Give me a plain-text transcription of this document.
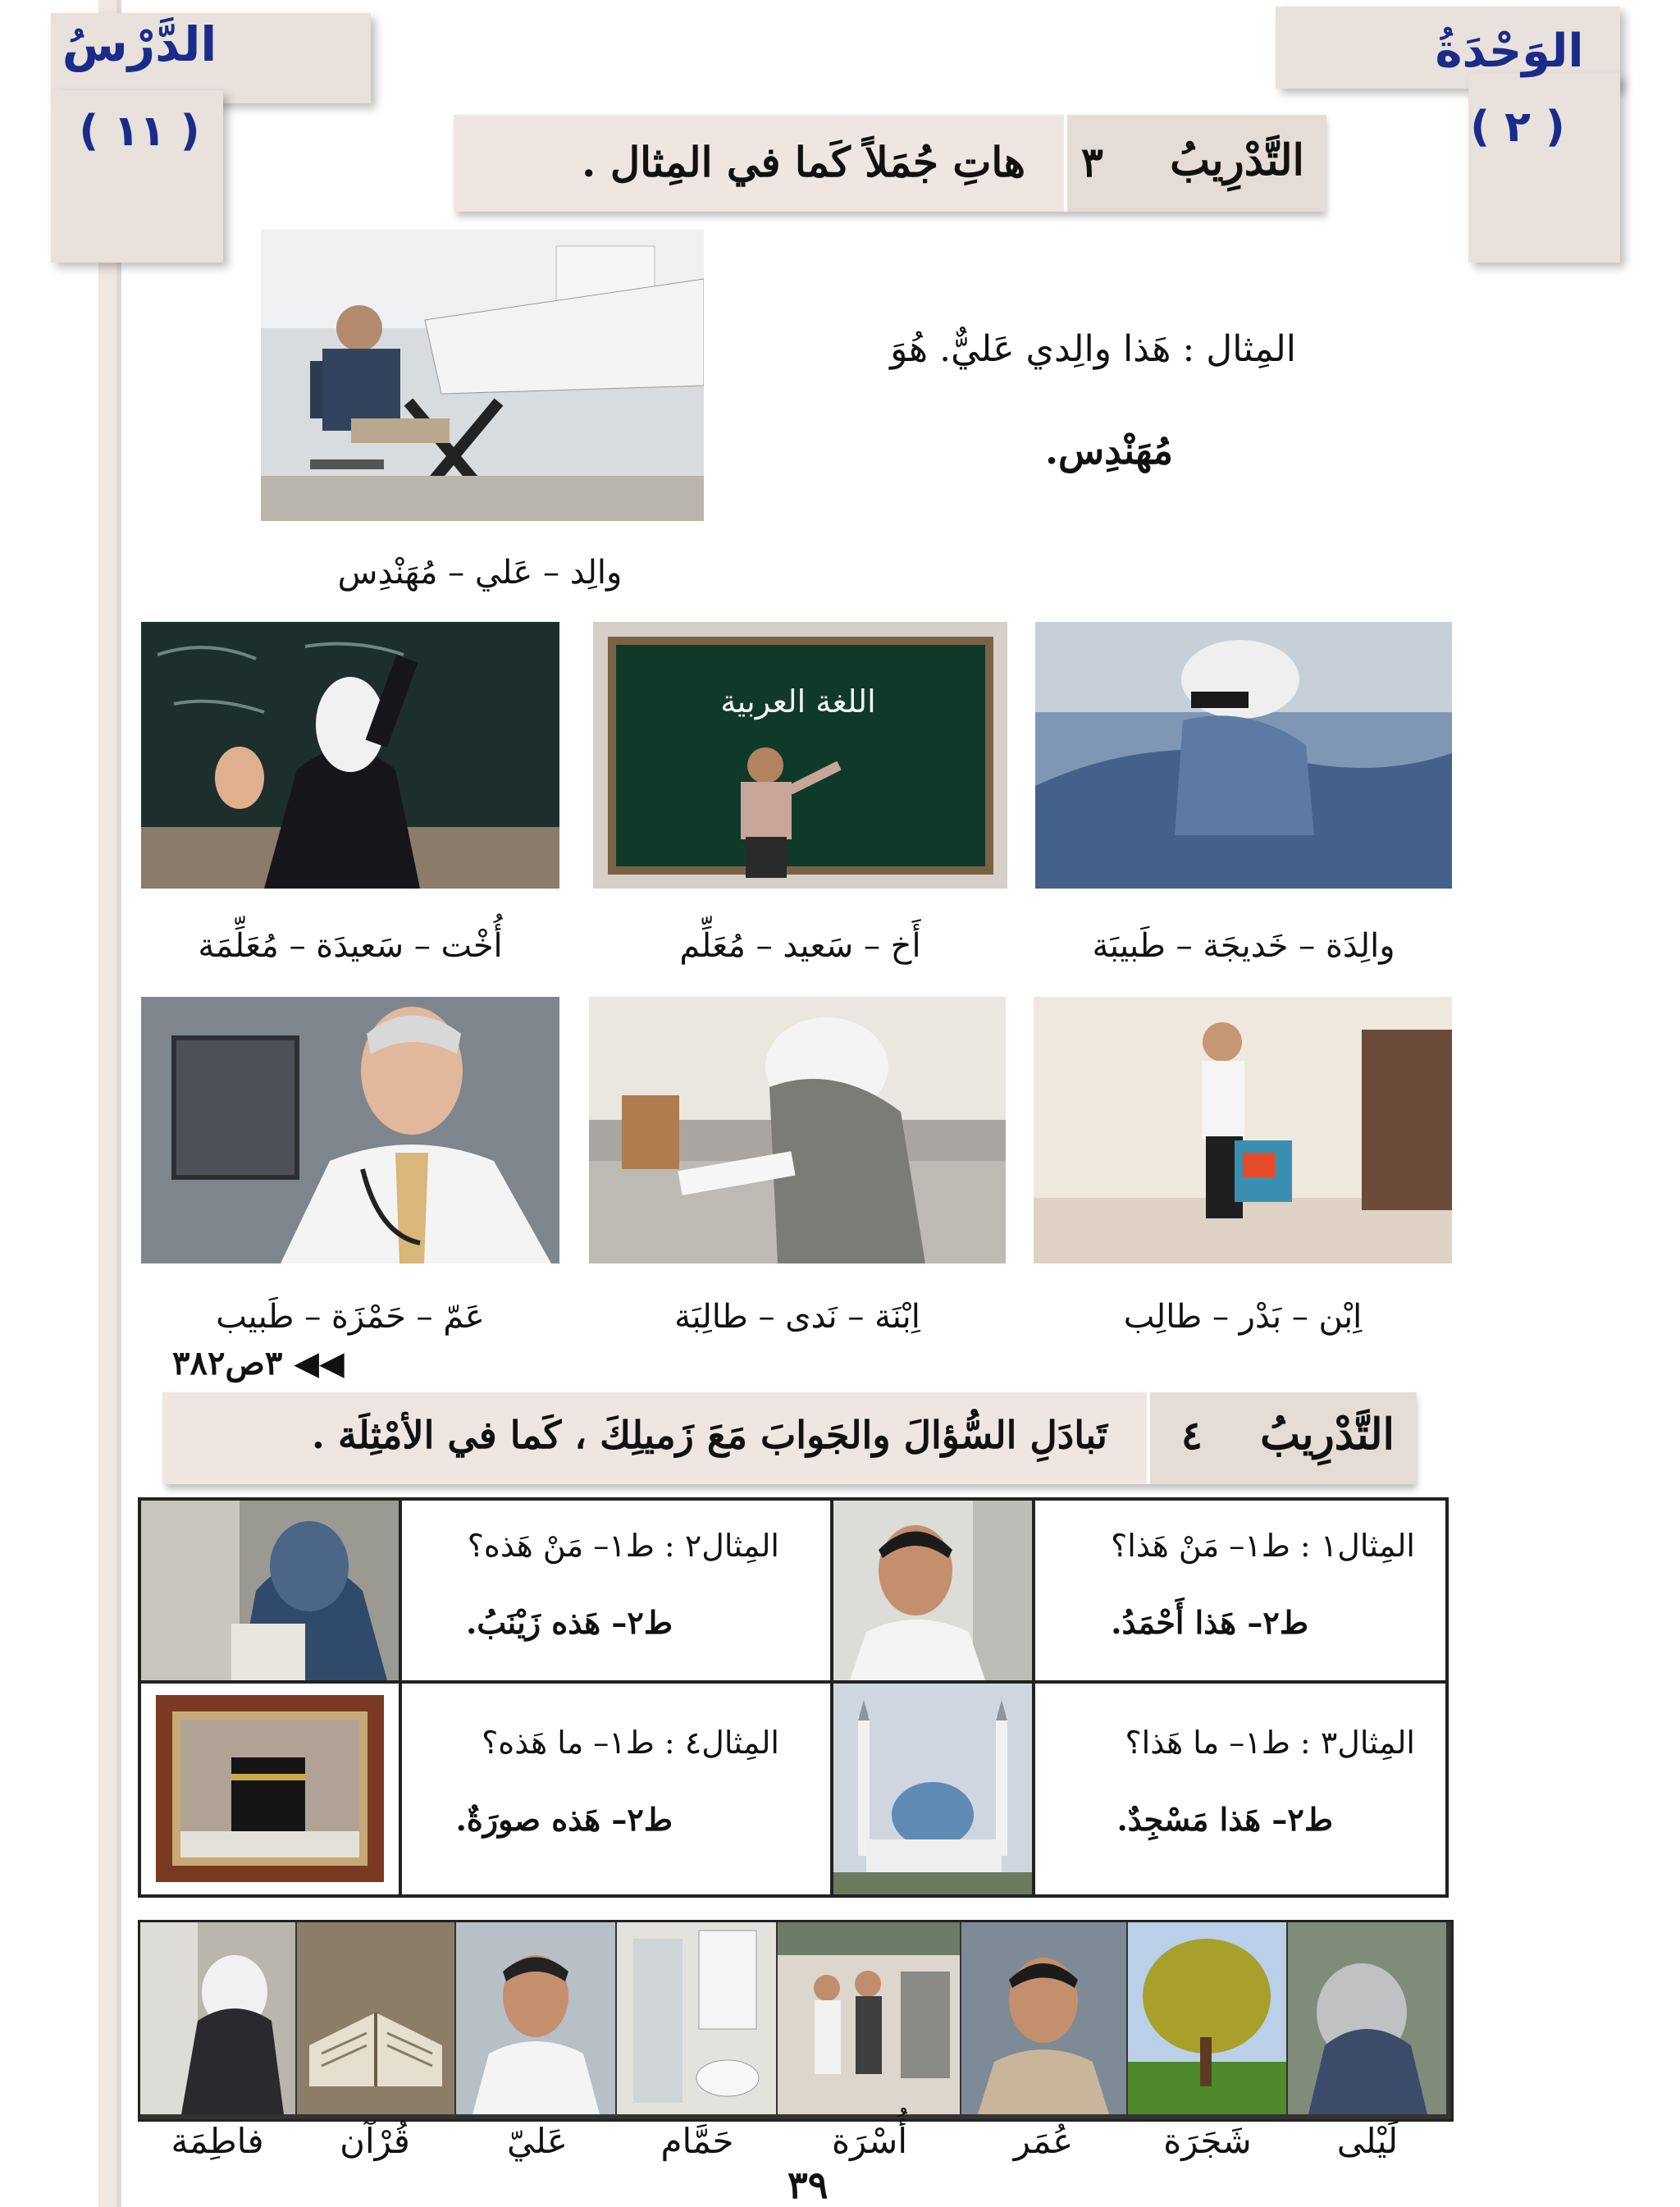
الدَّرْسُ
( ١١ )
الوَحْدَةُ
( ٢ )
التَّدْرِيبُ
٣
هاتِ جُمَلاً كَما في المِثال .
المِثال : هَذا والِدي عَليٌّ. هُوَ
مُهَنْدِس.
والِد – عَلي – مُهَنْدِس
أُخْت – سَعيدَة – مُعَلِّمَة
اللغة العربية
أَخ – سَعيد – مُعَلِّم	والِدَة – خَديجَة – طَبيبَة
عَمّ – حَمْزَة – طَبيب	اِبْنَة – نَدى – طالِبَة	اِبْن – بَدْر – طالِب
٣ص٣٨٢ ◀◀
التَّدْرِيبُ
٤
تَبادَلِ السُّؤالَ والجَوابَ مَعَ زَميلِكَ ، كَما في الأمْثِلَة .
المِثال١ : ط١– مَنْ هَذا؟
ط٢– هَذا أَحْمَدُ.
المِثال٢ : ط١– مَنْ هَذه؟
ط٢– هَذه زَيْنَبُ.
المِثال٣ : ط١– ما هَذا؟
ط٢– هَذا مَسْجِدٌ.
المِثال٤ : ط١– ما هَذه؟
ط٢– هَذه صورَةٌ.
لَيْلى
شَجَرَة
عُمَر
أُسْرَة
حَمَّام
عَليّ
قُرْآن
فاطِمَة
٣٩
